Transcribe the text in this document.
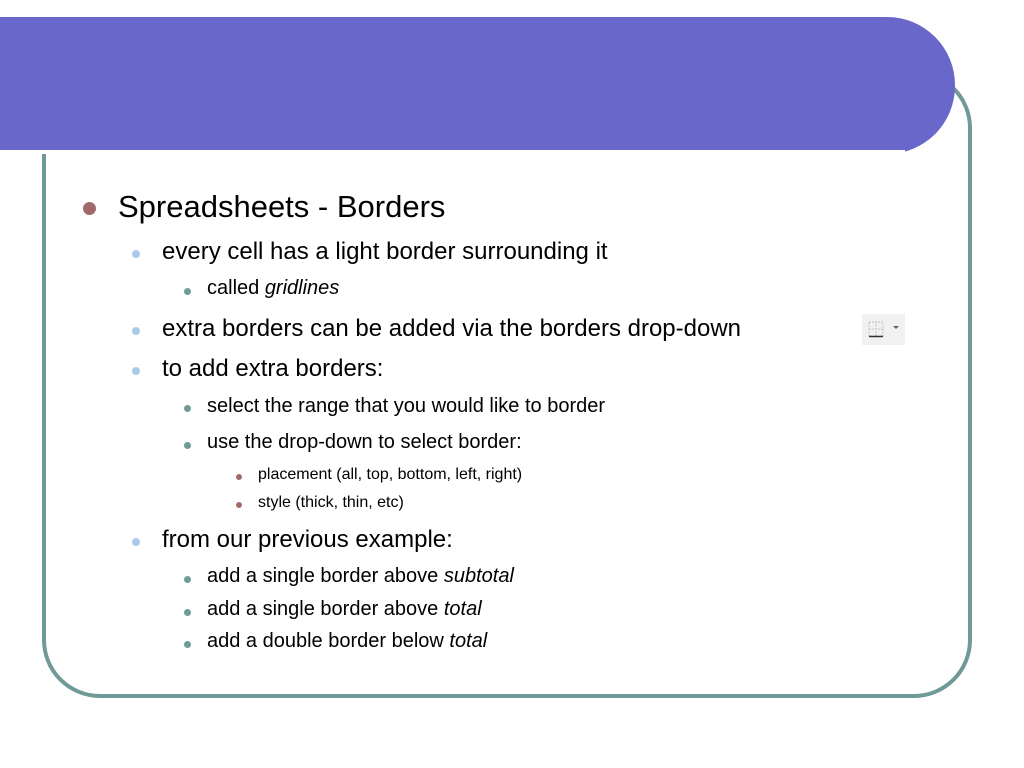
Spreadsheets - Borders
every cell has a light border surrounding it
called gridlines
extra borders can be added via the borders drop-down
to add extra borders:
select the range that you would like to border
use the drop-down to select border:
placement (all, top, bottom, left, right)
style (thick, thin, etc)
from our previous example:
add a single border above subtotal
add a single border above total
add a double border below total
